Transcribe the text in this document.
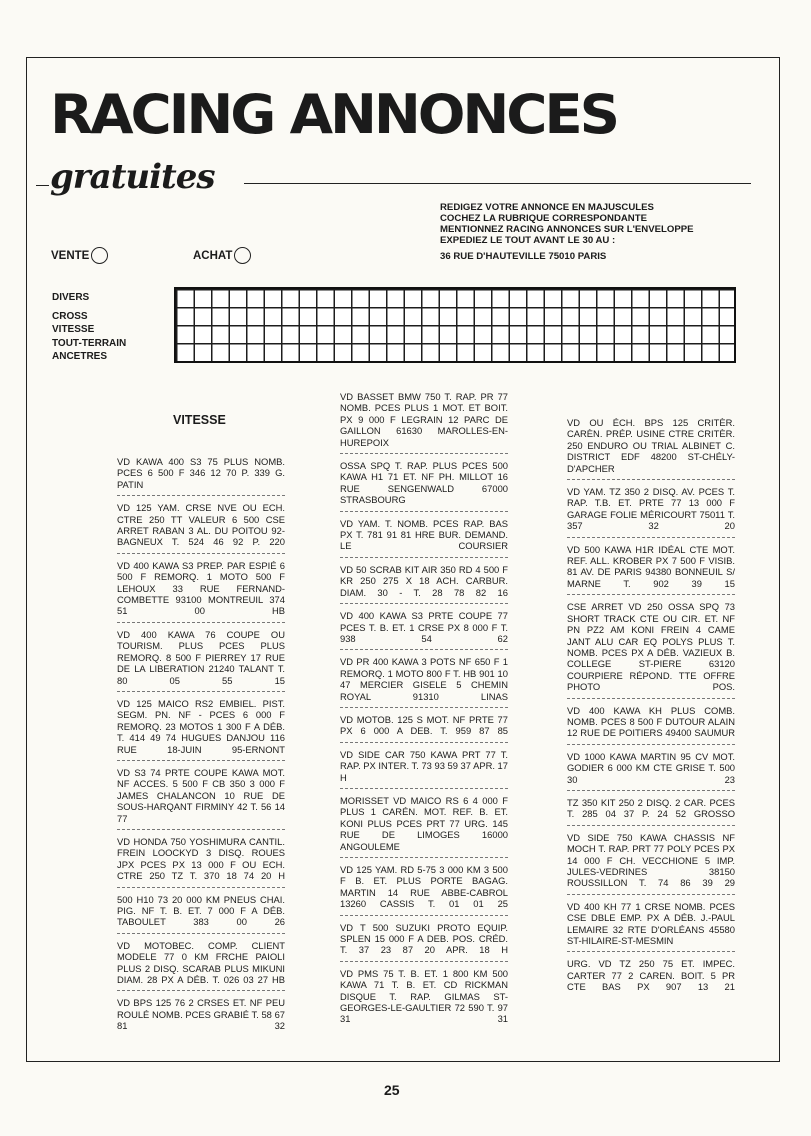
RACING ANNONCES
gratuites
REDIGEZ VOTRE ANNONCE EN MAJUSCULES
COCHEZ LA RUBRIQUE CORRESPONDANTE
MENTIONNEZ RACING ANNONCES SUR L'ENVELOPPE
EXPEDIEZ LE TOUT AVANT LE 30 AU :
36 RUE D'HAUTEVILLE 75010 PARIS
VENTE	ACHAT
DIVERS
CROSS
VITESSE
TOUT-TERRAIN
ANCETRES
VITESSE
VD KAWA 400 S3 75 PLUS NOMB. PCES 6 500 F 346 12 70 P. 339 G. PATIN
VD 125 YAM. CRSE NVE OU ECH. CTRE 250 TT VALEUR 6 500 CSE ARRET RABAN 3 AL. DU POITOU 92-BAGNEUX T. 524 46 92 P. 220
VD 400 KAWA S3 PREP. PAR ESPIÉ 6 500 F REMORQ. 1 MOTO 500 F LEHOUX 33 RUE FERNAND-COMBETTE 93100 MONTREUIL 374 51 00 HB
VD 400 KAWA 76 COUPE OU TOURISM. PLUS PCES PLUS REMORQ. 8 500 F PIERREY 17 RUE DE LA LIBERATION 21240 TALANT T. 80 05 55 15
VD 125 MAICO RS2 EMBIEL. PIST. SEGM. PN. NF - PCES 6 000 F REMORQ. 23 MOTOS 1 300 F A DÉB. T. 414 49 74 HUGUES DANJOU 116 RUE 18-JUIN 95-ERNONT
VD S3 74 PRTE COUPE KAWA MOT. NF ACCES. 5 500 F CB 350 3 000 F JAMES CHALANCON 10 RUE DE SOUS-HARQANT FIRMINY 42 T. 56 14 77
VD HONDA 750 YOSHIMURA CANTIL. FREIN LOOCKYD 3 DISQ. ROUES JPX PCES PX 13 000 F OU ECH. CTRE 250 TZ T. 370 18 74 20 H
500 H10 73 20 000 KM PNEUS CHAI. PIG. NF T. B. ET. 7 000 F A DÉB. TABOULET 383 00 26
VD MOTOBEC. COMP. CLIENT MODELE 77 0 KM FRCHE PAIOLI PLUS 2 DISQ. SCARAB PLUS MIKUNI DIAM. 28 PX A DÉB. T. 026 03 27 HB
VD BPS 125 76 2 CRSES ET. NF PEU ROULÉ NOMB. PCES GRABIÉ T. 58 67 81 32
VD BASSET BMW 750 T. RAP. PR 77 NOMB. PCES PLUS 1 MOT. ET BOIT. PX 9 000 F LEGRAIN 12 PARC DE GAILLON 61630 MAROLLES-EN-HUREPOIX
OSSA SPQ T. RAP. PLUS PCES 500 KAWA H1 71 ET. NF PH. MILLOT 16 RUE SENGENWALD 67000 STRASBOURG
VD YAM. T. NOMB. PCES RAP. BAS PX T. 781 91 81 HRE BUR. DEMAND. LE COURSIER
VD 50 SCRAB KIT AIR 350 RD 4 500 F KR 250 275 X 18 ACH. CARBUR. DIAM. 30 - T. 28 78 82 16
VD 400 KAWA S3 PRTE COUPE 77 PCES T. B. ET. 1 CRSE PX 8 000 F T. 938 54 62
VD PR 400 KAWA 3 POTS NF 650 F 1 REMORQ. 1 MOTO 800 F T. HB 901 10 47 MERCIER GISELE 5 CHEMIN ROYAL 91310 LINAS
VD MOTOB. 125 S MOT. NF PRTE 77 PX 6 000 A DEB. T. 959 87 85
VD SIDE CAR 750 KAWA PRT 77 T. RAP. PX INTER. T. 73 93 59 37 APR. 17 H
MORISSET VD MAICO RS 6 4 000 F PLUS 1 CARÉN. MOT. REF. B. ET. KONI PLUS PCES PRT 77 URG. 145 RUE DE LIMOGES 16000 ANGOULEME
VD 125 YAM. RD 5-75 3 000 KM 3 500 F B. ET. PLUS PORTE BAGAG. MARTIN 14 RUE ABBE-CABROL 13260 CASSIS T. 01 01 25
VD T 500 SUZUKI PROTO EQUIP. SPLEN 15 000 F A DEB. POS. CRÉD. T. 37 23 87 20 APR. 18 H
VD PMS 75 T. B. ET. 1 800 KM 500 KAWA 71 T. B. ET. CD RICKMAN DISQUE T. RAP. GILMAS ST-GEORGES-LE-GAULTIER 72 590 T. 97 31 31
VD OU ÉCH. BPS 125 CRITÈR. CARÈN. PRÉP. USINE CTRE CRITÈR. 250 ENDURO OU TRIAL ALBINET C. DISTRICT EDF 48200 ST-CHÉLY-D'APCHER
VD YAM. TZ 350 2 DISQ. AV. PCES T. RAP. T.B. ET. PRTE 77 13 000 F GARAGE FOLIE MÉRICOURT 75011 T. 357 32 20
VD 500 KAWA H1R IDÉAL CTE MOT. REF. ALL. KROBER PX 7 500 F VISIB. 81 AV. DE PARIS 94380 BONNEUIL S/ MARNE T. 902 39 15
CSE ARRET VD 250 OSSA SPQ 73 SHORT TRACK CTE OU CIR. ET. NF PN PZ2 AM KONI FREIN 4 CAME JANT ALU CAR EQ POLYS PLUS T. NOMB. PCES PX A DÉB. VAZIEUX B. COLLEGE ST-PIERE 63120 COURPIERE RÉPOND. TTE OFFRE PHOTO POS.
VD 400 KAWA KH PLUS COMB. NOMB. PCES 8 500 F DUTOUR ALAIN 12 RUE DE POITIERS 49400 SAUMUR
VD 1000 KAWA MARTIN 95 CV MOT. GODIER 6 000 KM CTE GRISE T. 500 30 23
TZ 350 KIT 250 2 DISQ. 2 CAR. PCES T. 285 04 37 P. 24 52 GROSSO
VD SIDE 750 KAWA CHASSIS NF MOCH T. RAP. PRT 77 POLY PCES PX 14 000 F CH. VECCHIONE 5 IMP. JULES-VEDRINES 38150 ROUSSILLON T. 74 86 39 29
VD 400 KH 77 1 CRSE NOMB. PCES CSE DBLE EMP. PX A DÉB. J.-PAUL LEMAIRE 32 RTE D'ORLÉANS 45580 ST-HILAIRE-ST-MESMIN
URG. VD TZ 250 75 ET. IMPEC. CARTER 77 2 CAREN. BOIT. 5 PR CTE BAS PX 907 13 21
25
